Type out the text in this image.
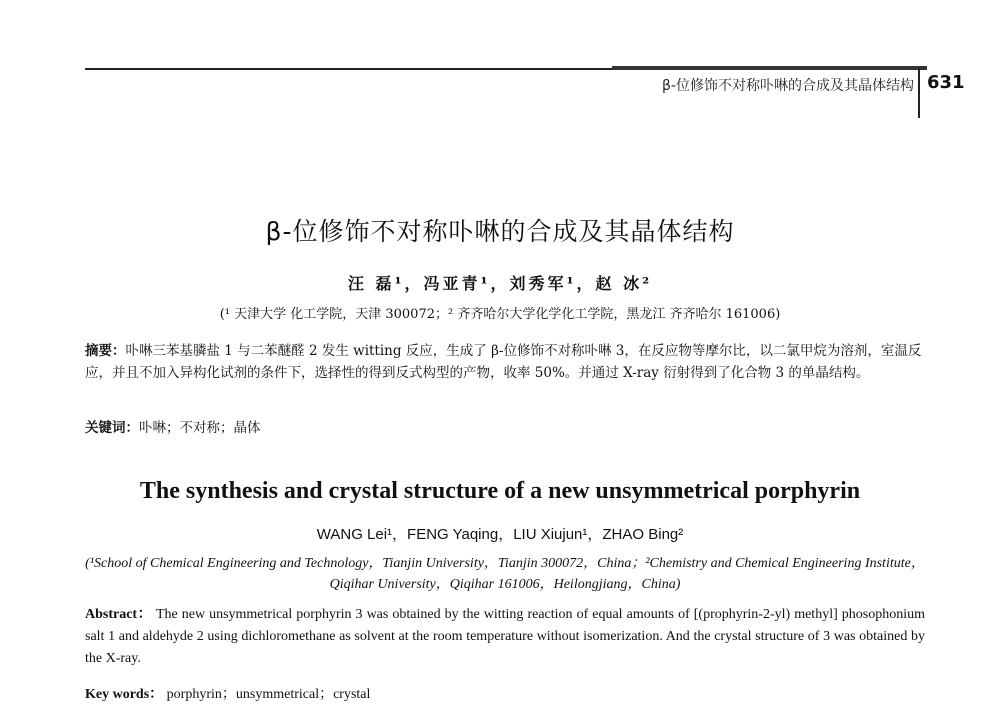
β-位修饰不对称卟啉的合成及其晶体结构 631
β-位修饰不对称卟啉的合成及其晶体结构
汪 磊¹，冯亚青¹，刘秀军¹，赵 冰²
(¹ 天津大学 化工学院，天津 300072；² 齐齐哈尔大学化学化工学院，黑龙江 齐齐哈尔 161006)
摘要：卟啉三苯基膦盐 1 与二苯醚醛 2 发生 witting 反应，生成了 β-位修饰不对称卟啉 3，在反应物等摩尔比，以二氯甲烷为溶剂，室温反应，并且不加入异构化试剂的条件下，选择性的得到反式构型的产物，收率 50%。并通过 X-ray 衍射得到了化合物 3 的单晶结构。
关键词：卟啉；不对称；晶体
The synthesis and crystal structure of a new unsymmetrical porphyrin
WANG Lei¹，FENG Yaqing，LIU Xiujun¹，ZHAO Bing²
(¹School of Chemical Engineering and Technology，Tianjin University，Tianjin 300072，China；²Chemistry and Chemical Engineering Institute，Qiqihar University，Qiqihar 161006，Heilongjiang，China)
Abstract： The new unsymmetrical porphyrin 3 was obtained by the witting reaction of equal amounts of [(prophyrin-2-yl) methyl] phosophonium salt 1 and aldehyde 2 using dichloromethane as solvent at the room temperature without isomerization. And the crystal structure of 3 was obtained by the X-ray.
Key words： porphyrin；unsymmetrical；crystal
